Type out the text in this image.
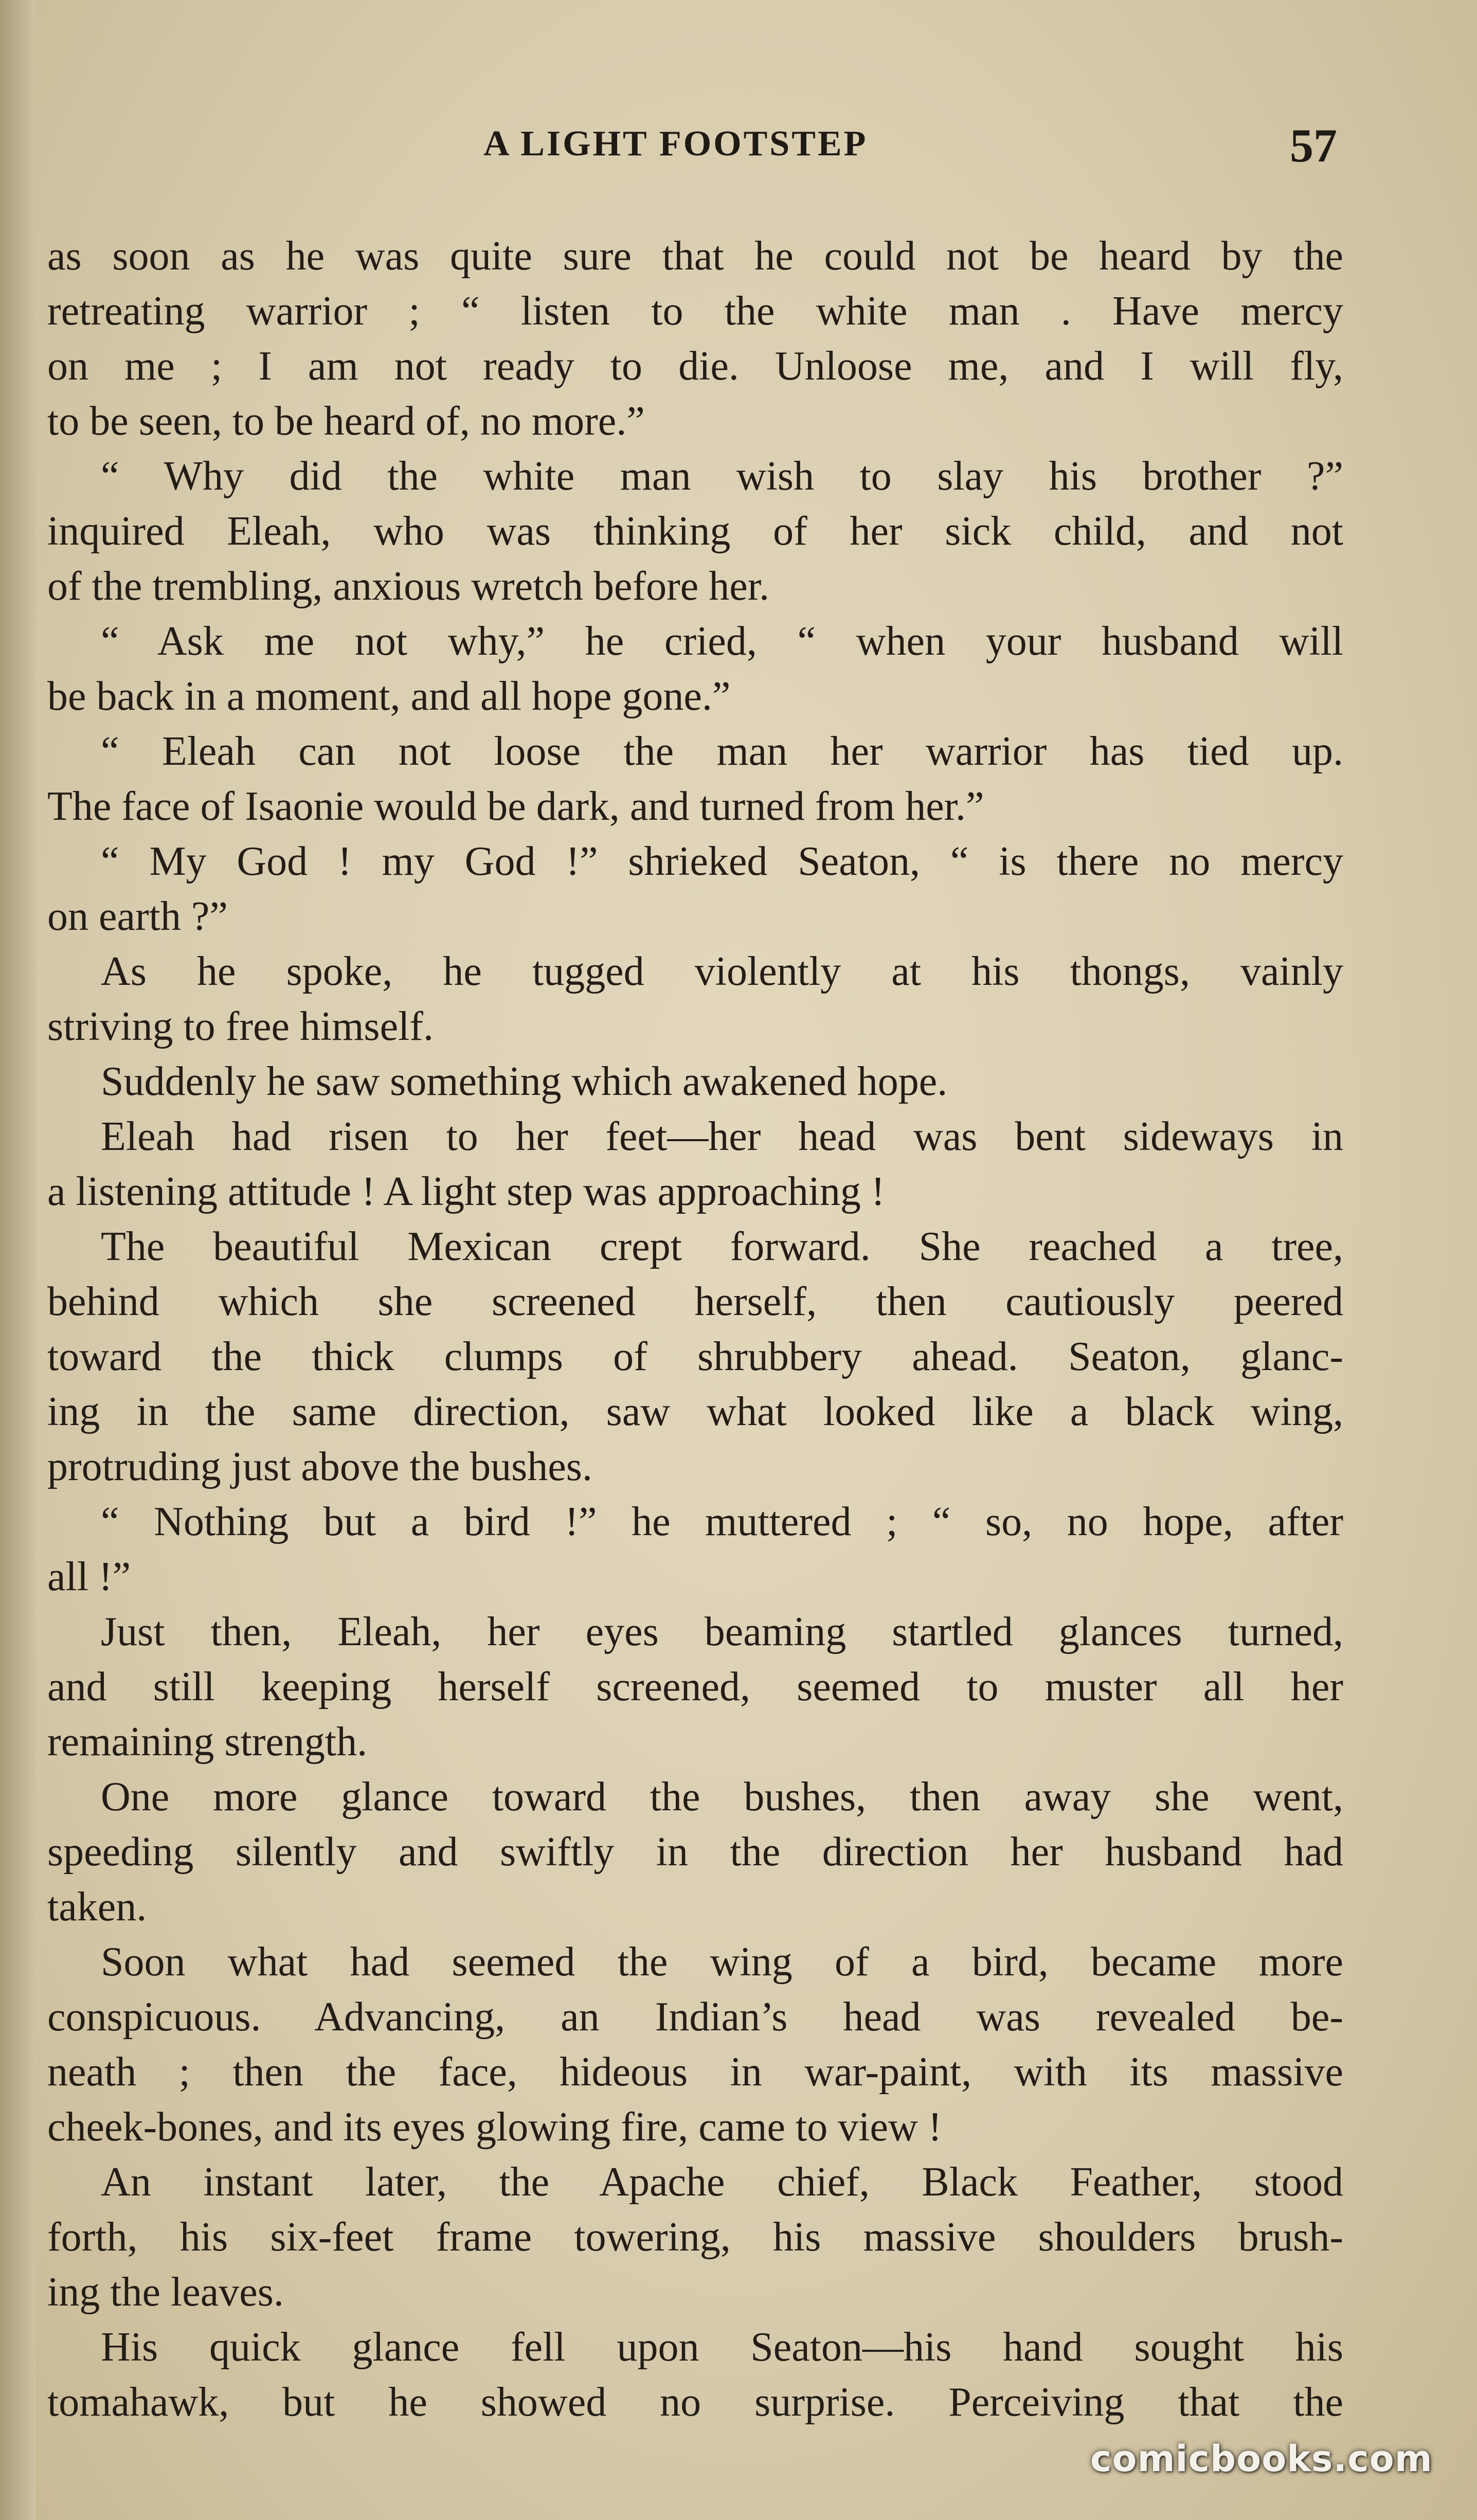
A LIGHT FOOTSTEP	57
as soon as he was quite sure that he could not be heard by the
retreating warrior ; “ listen to the white man . Have mercy
on me ; I am not ready to die. Unloose me, and I will fly,
to be seen, to be heard of, no more.”
“ Why did the white man wish to slay his brother ?”
inquired Eleah, who was thinking of her sick child, and not
of the trembling, anxious wretch before her.
“ Ask me not why,” he cried, “ when your husband will
be back in a moment, and all hope gone.”
“ Eleah can not loose the man her warrior has tied up.
The face of Isaonie would be dark, and turned from her.”
“ My God ! my God !” shrieked Seaton, “ is there no mercy
on earth ?”
As he spoke, he tugged violently at his thongs, vainly
striving to free himself.
Suddenly he saw something which awakened hope.
Eleah had risen to her feet—her head was bent sideways in
a listening attitude ! A light step was approaching !
The beautiful Mexican crept forward. She reached a tree,
behind which she screened herself, then cautiously peered
toward the thick clumps of shrubbery ahead. Seaton, glanc-
ing in the same direction, saw what looked like a black wing,
protruding just above the bushes.
“ Nothing but a bird !” he muttered ; “ so, no hope, after
all !”
Just then, Eleah, her eyes beaming startled glances turned,
and still keeping herself screened, seemed to muster all her
remaining strength.
One more glance toward the bushes, then away she went,
speeding silently and swiftly in the direction her husband had
taken.
Soon what had seemed the wing of a bird, became more
conspicuous. Advancing, an Indian’s head was revealed be-
neath ; then the face, hideous in war-paint, with its massive
cheek-bones, and its eyes glowing fire, came to view !
An instant later, the Apache chief, Black Feather, stood
forth, his six-feet frame towering, his massive shoulders brush-
ing the leaves.
His quick glance fell upon Seaton—his hand sought his
tomahawk, but he showed no surprise. Perceiving that the
comicbooks.com
